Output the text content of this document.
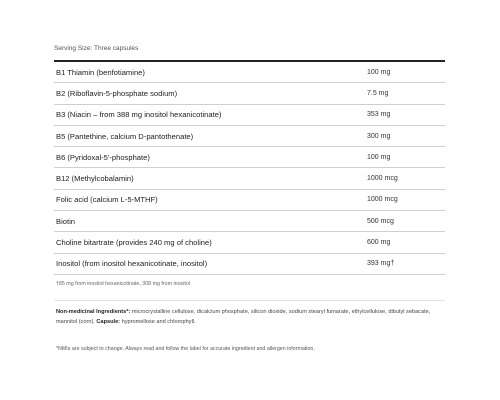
Serving Size: Three capsules
B1 Thiamin (benfotiamine)	100 mg
B2 (Riboflavin-5-phosphate sodium)	7.5 mg
B3 (Niacin – from 388 mg inositol hexanicotinate)	353 mg
B5 (Pantethine, calcium D-pantothenate)	300 mg
B6 (Pyridoxal-5'-phosphate)	100 mg
B12 (Methylcobalamin)	1000 mcg
Folic acid (calcium L-5-MTHF)	1000 mcg
Biotin	500 mcg
Choline bitartrate (provides 240 mg of choline)	600 mg
Inositol (from inositol hexanicotinate, inositol)	393 mg†
†85 mg from inositol hexanicotinate, 308 mg from inositol
Non-medicinal Ingredients*: microcrystalline cellulose, dicalcium phosphate, silicon dioxide, sodium stearyl fumarate, ethylcellulose, dibutyl sebacate, mannitol (corn). Capsule: hypromellose and chlorophyll.
*NMIs are subject to change. Always read and follow the label for accurate ingredient and allergen information.
